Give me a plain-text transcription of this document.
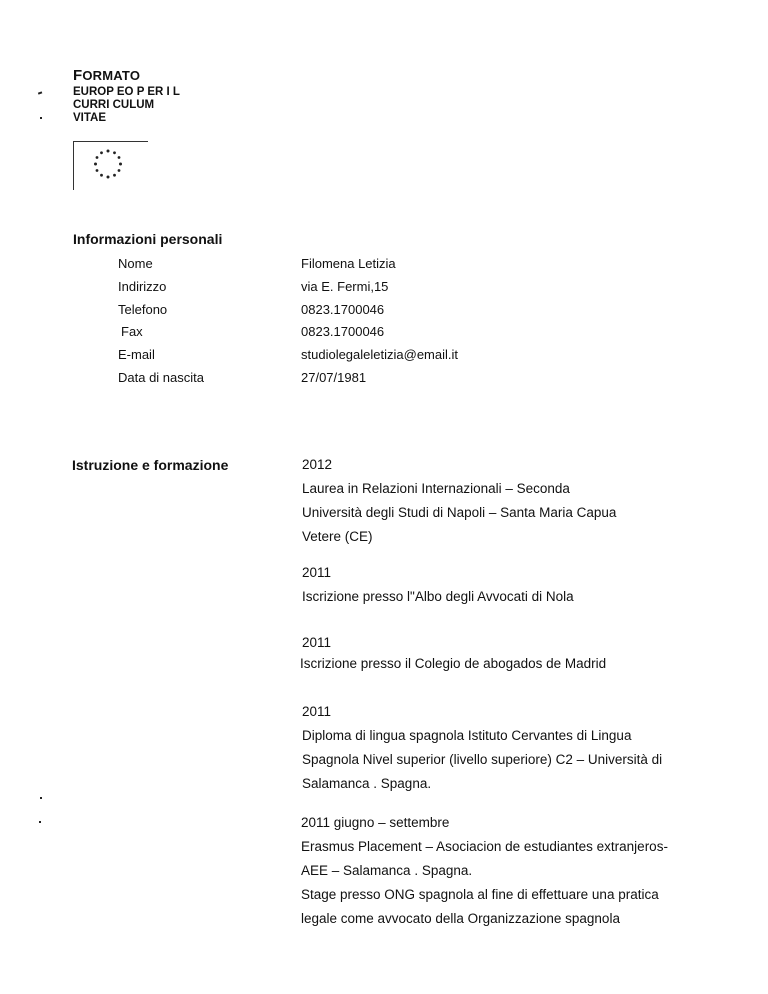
FORMATO
EUROP EO P ER I L
CURRI CULUM
VITAE
Informazioni personali
Nome	Filomena Letizia
Indirizzo	via E. Fermi,15
Telefono	0823.1700046
Fax	0823.1700046
E-mail	studiolegaleletizia@email.it
Data di nascita	27/07/1981
Istruzione e formazione	2012
Laurea in Relazioni Internazionali – Seconda
Università degli Studi di Napoli – Santa Maria Capua
Vetere (CE)
2011
Iscrizione presso l"Albo degli Avvocati di Nola
2011
Iscrizione presso il Colegio de abogados de Madrid
2011
Diploma di lingua spagnola Istituto Cervantes di Lingua
Spagnola Nivel superior (livello superiore) C2 – Università di
Salamanca . Spagna.
2011 giugno – settembre
Erasmus Placement – Asociacion de estudiantes extranjeros-
AEE – Salamanca . Spagna.
Stage presso ONG spagnola al fine di effettuare una pratica
legale come avvocato della Organizzazione spagnola
